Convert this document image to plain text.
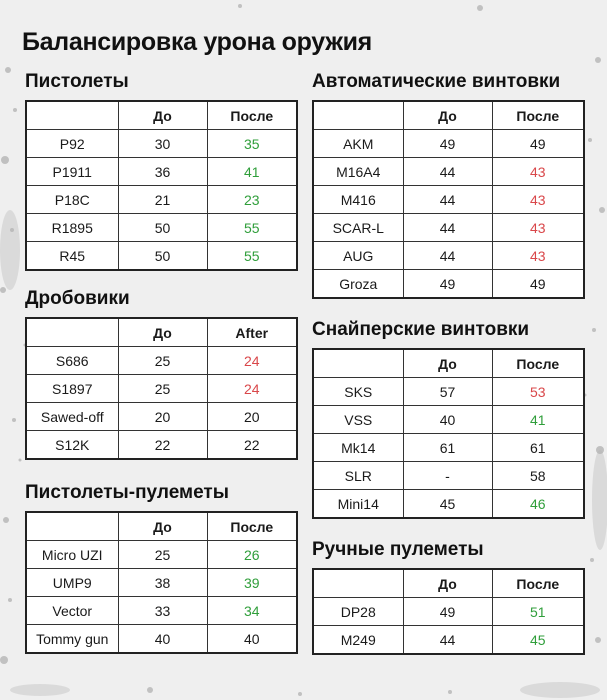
Балансировка урона оружия
Пистолеты
	До	После
P92	30	35
P1911	36	41
P18C	21	23
R1895	50	55
R45	50	55
Дробовики
	До	After
S686	25	24
S1897	25	24
Sawed-off	20	20
S12K	22	22
Пистолеты-пулеметы
	До	После
Micro UZI	25	26
UMP9	38	39
Vector	33	34
Tommy gun	40	40
Автоматические винтовки
	До	После
AKM	49	49
M16A4	44	43
M416	44	43
SCAR-L	44	43
AUG	44	43
Groza	49	49
Снайперские винтовки
	До	После
SKS	57	53
VSS	40	41
Mk14	61	61
SLR	-	58
Mini14	45	46
Ручные пулеметы
	До	После
DP28	49	51
M249	44	45
